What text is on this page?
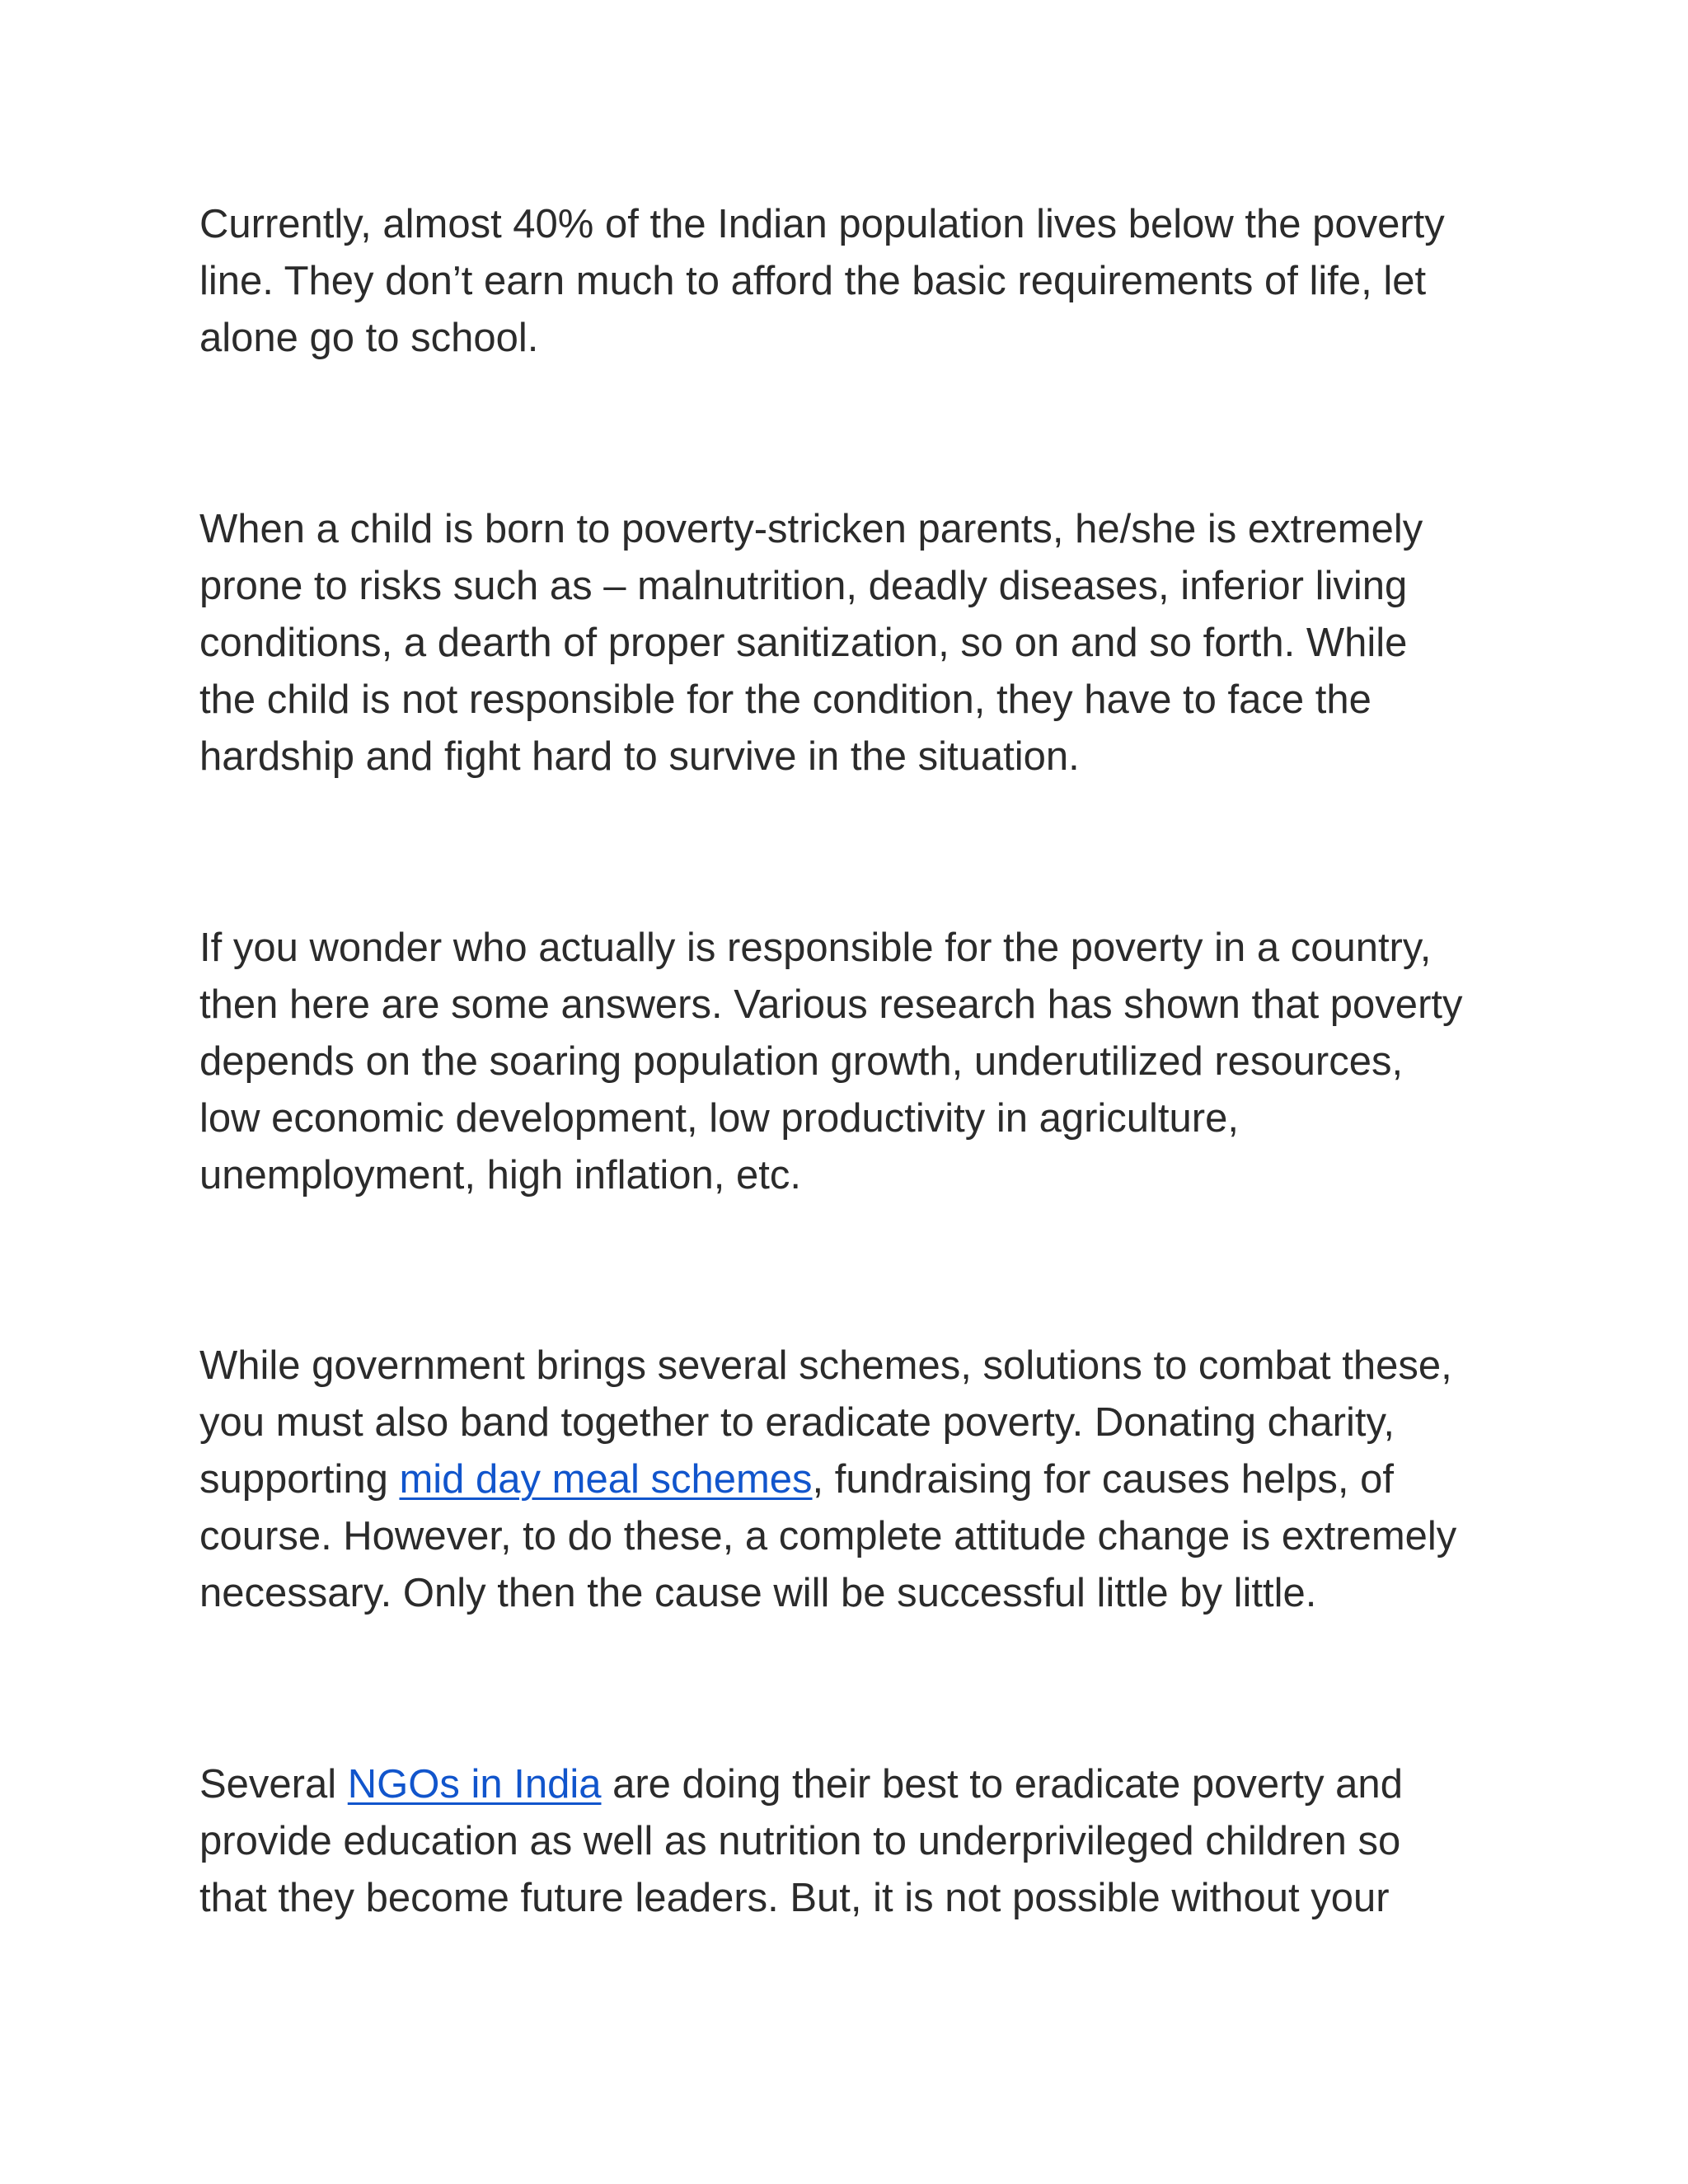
Currently, almost 40% of the Indian population lives below the poverty
line. They don’t earn much to afford the basic requirements of life, let
alone go to school.

When a child is born to poverty-stricken parents, he/she is extremely
prone to risks such as – malnutrition, deadly diseases, inferior living
conditions, a dearth of proper sanitization, so on and so forth. While
the child is not responsible for the condition, they have to face the
hardship and fight hard to survive in the situation.

If you wonder who actually is responsible for the poverty in a country,
then here are some answers. Various research has shown that poverty
depends on the soaring population growth, underutilized resources,
low economic development, low productivity in agriculture,
unemployment, high inflation, etc.

While government brings several schemes, solutions to combat these,
you must also band together to eradicate poverty. Donating charity,
supporting mid day meal schemes, fundraising for causes helps, of
course. However, to do these, a complete attitude change is extremely
necessary. Only then the cause will be successful little by little.

Several NGOs in India are doing their best to eradicate poverty and
provide education as well as nutrition to underprivileged children so
that they become future leaders. But, it is not possible without your
